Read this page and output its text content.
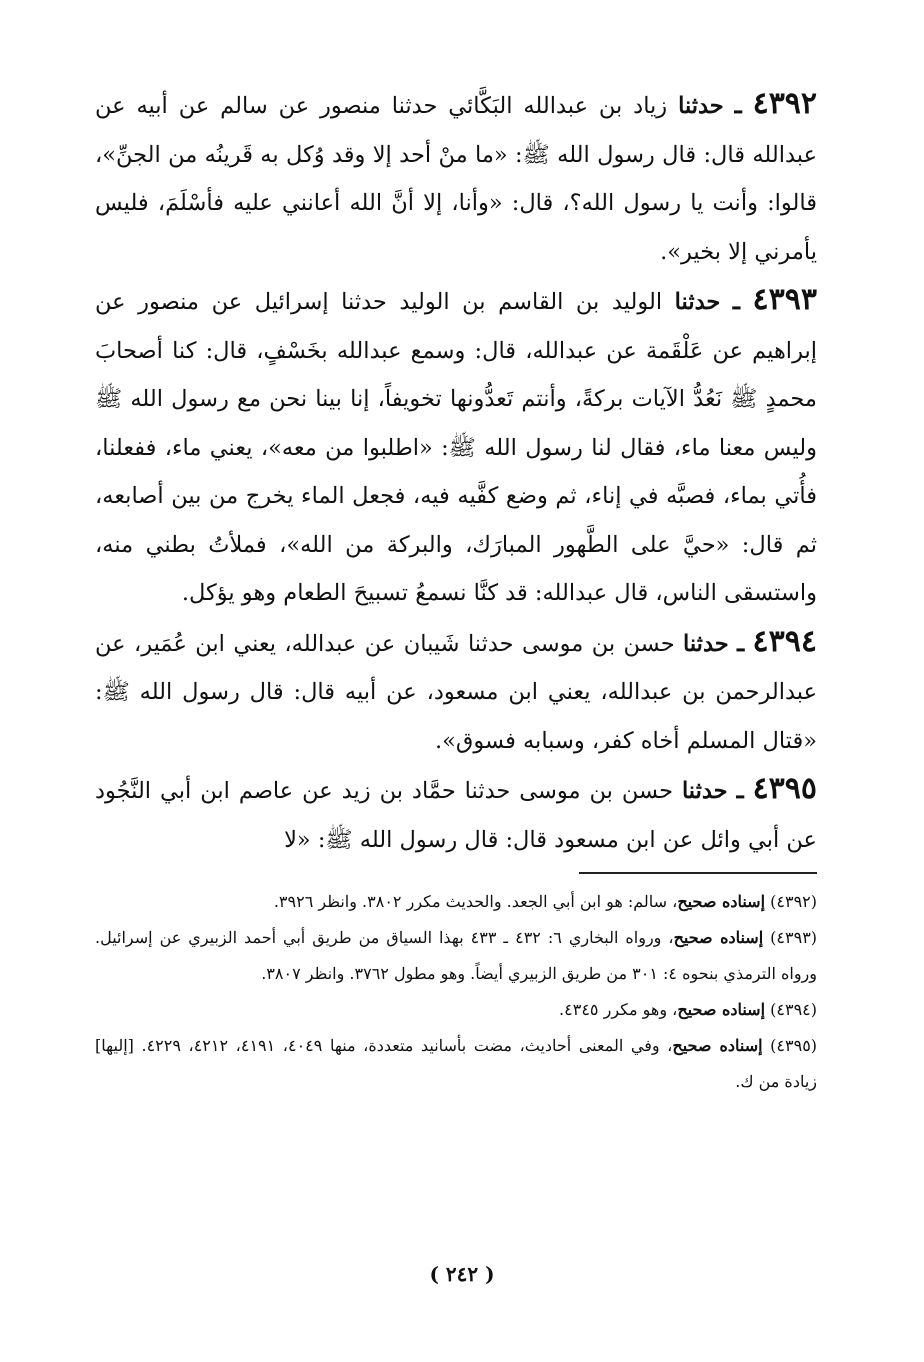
٤٣٩٢ ـ حدثنا زياد بن عبدالله البَكَّائي حدثنا منصور عن سالم عن أبيه عن عبدالله قال: قال رسول الله ﷺ: «ما منْ أحد إلا وقد وُكل به قَرينُه من الجنِّ»، قالوا: وأنت يا رسول الله؟، قال: «وأنا، إلا أنَّ الله أعانني عليه فأسْلَمَ، فليس يأمرني إلا بخير».

٤٣٩٣ ـ حدثنا الوليد بن القاسم بن الوليد حدثنا إسرائيل عن منصور عن إبراهيم عن عَلْقَمة عن عبدالله، قال: وسمع عبدالله بخَسْفٍ، قال: كنا أصحابَ محمدٍ ﷺ نَعُدُّ الآيات بركةً، وأنتم تَعدُّونها تخويفاً، إنا بينا نحن مع رسول الله ﷺ وليس معنا ماء، فقال لنا رسول الله ﷺ: «اطلبوا من معه»، يعني ماء، ففعلنا، فأُتي بماء، فصبَّه في إناء، ثم وضع كفَّيه فيه، فجعل الماء يخرج من بين أصابعه، ثم قال: «حيَّ على الطَّهور المبارَك، والبركة من الله»، فملأتُ بطني منه، واستسقى الناس، قال عبدالله: قد كنَّا نسمعُ تسبيحَ الطعام وهو يؤكل.

٤٣٩٤ ـ حدثنا حسن بن موسى حدثنا شَيبان عن عبدالله، يعني ابن عُمَير، عن عبدالرحمن بن عبدالله، يعني ابن مسعود، عن أبيه قال: قال رسول الله ﷺ: «قتال المسلم أخاه كفر، وسبابه فسوق».

٤٣٩٥ ـ حدثنا حسن بن موسى حدثنا حمَّاد بن زيد عن عاصم ابن أبي النَّجُود عن أبي وائل عن ابن مسعود قال: قال رسول الله ﷺ: «لا

(٤٣٩٢) إسناده صحيح، سالم: هو ابن أبي الجعد. والحديث مكرر ٣٨٠٢. وانظر ٣٩٢٦.

(٤٣٩٣) إسناده صحيح، ورواه البخاري ٦: ٤٣٢ ـ ٤٣٣ بهذا السياق من طريق أبي أحمد الزبيري عن إسرائيل. ورواه الترمذي بنحوه ٤: ٣٠١ من طريق الزبيري أيضاً. وهو مطول ٣٧٦٢. وانظر ٣٨٠٧.

(٤٣٩٤) إسناده صحيح، وهو مكرر ٤٣٤٥.

(٤٣٩٥) إسناده صحيح، وفي المعنى أحاديث، مضت بأسانيد متعددة، منها ٤٠٤٩، ٤١٩١، ٤٢١٢، ٤٢٢٩. [إليها] زيادة من ك.

( ٢٤٢ )
